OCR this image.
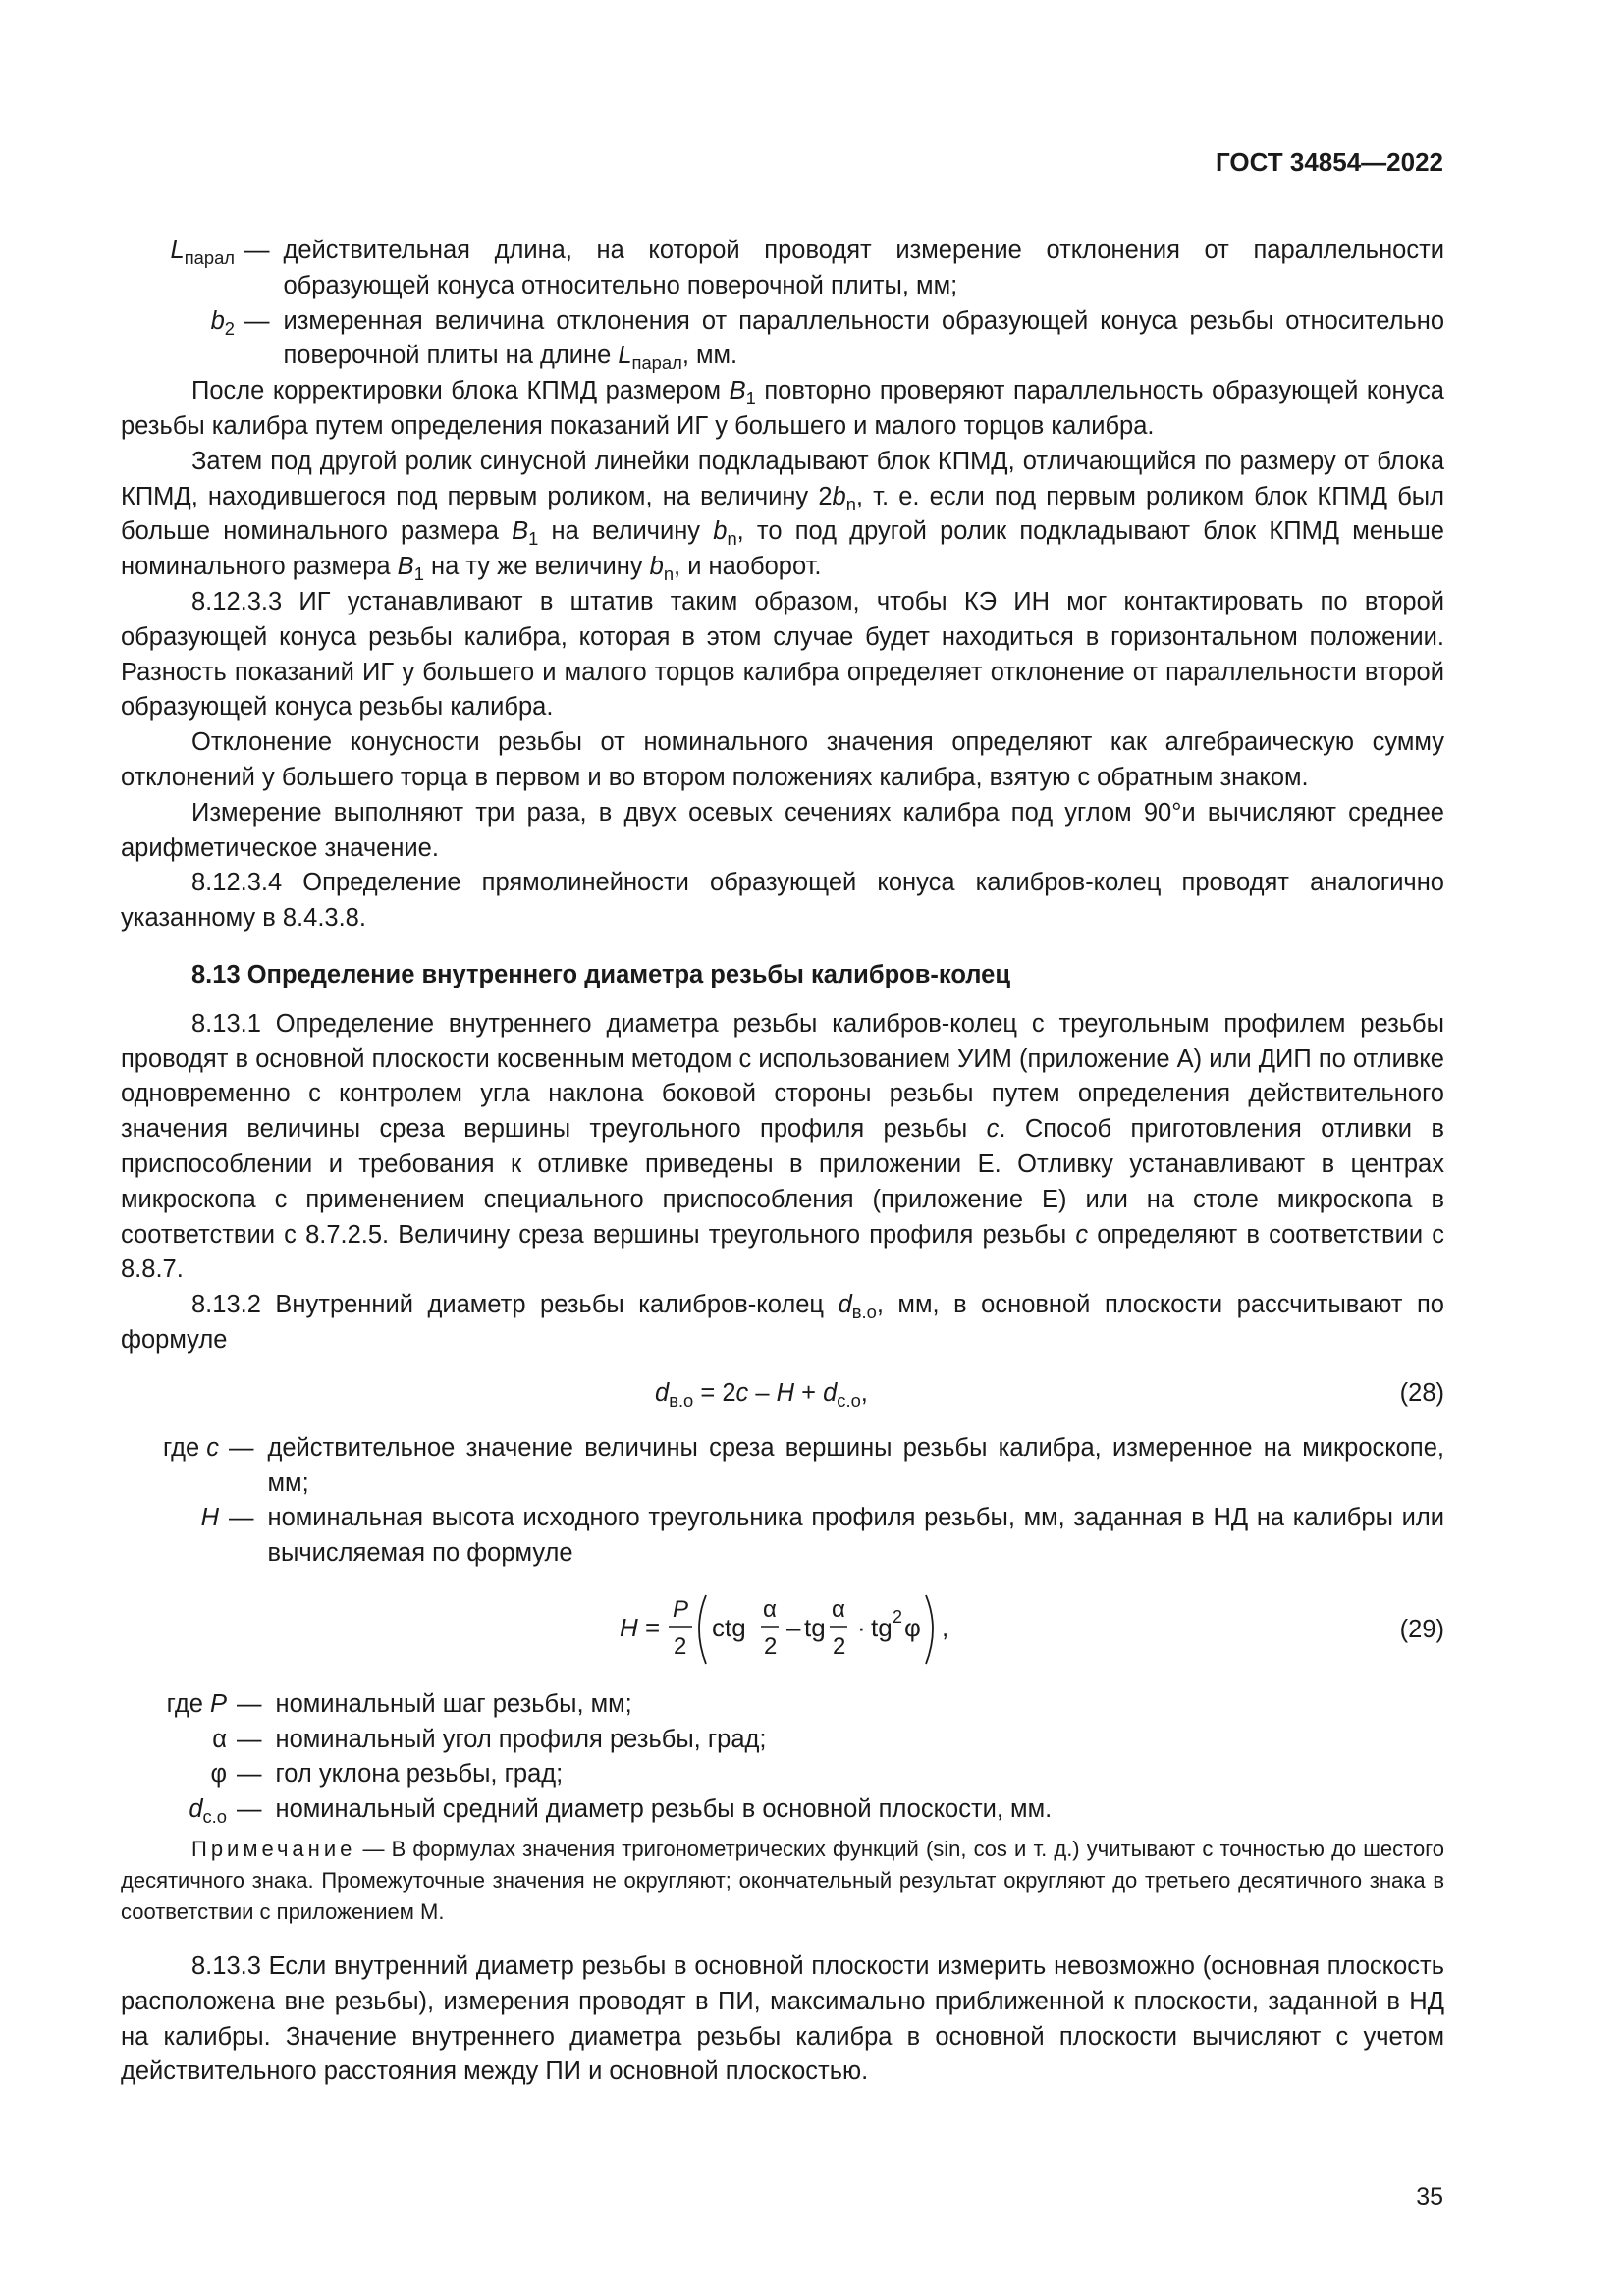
ГОСТ 34854—2022
$L_{парал}$ — действительная длина, на которой проводят измерение отклонения от параллельности образующей конуса относительно поверочной плиты, мм;
$b_2$ — измеренная величина отклонения от параллельности образующей конуса резьбы относительно поверочной плиты на длине $L_{парал}$, мм.

После корректировки блока КПМД размером $B_1$ повторно проверяют параллельность образующей конуса резьбы калибра путем определения показаний ИГ у большего и малого торцов калибра.

Затем под другой ролик синусной линейки подкладывают блок КПМД, отличающийся по размеру от блока КПМД, находившегося под первым роликом, на величину $2b_n$, т. е. если под первым роликом блок КПМД был больше номинального размера $B_1$ на величину $b_n$, то под другой ролик подкладывают блок КПМД меньше номинального размера $B_1$ на ту же величину $b_n$, и наоборот.

8.12.3.3 ИГ устанавливают в штатив таким образом, чтобы КЭ ИН мог контактировать по второй образующей конуса резьбы калибра, которая в этом случае будет находиться в горизонтальном положении. Разность показаний ИГ у большего и малого торцов калибра определяет отклонение от параллельности второй образующей конуса резьбы калибра.

Отклонение конусности резьбы от номинального значения определяют как алгебраическую сумму отклонений у большего торца в первом и во втором положениях калибра, взятую с обратным знаком.

Измерение выполняют три раза, в двух осевых сечениях калибра под углом 90°и вычисляют среднее арифметическое значение.

8.12.3.4 Определение прямолинейности образующей конуса калибров-колец проводят аналогично указанному в 8.4.3.8.

8.13 Определение внутреннего диаметра резьбы калибров-колец

8.13.1 Определение внутреннего диаметра резьбы калибров-колец с треугольным профилем резьбы проводят в основной плоскости косвенным методом с использованием УИМ (приложение А) или ДИП по отливке одновременно с контролем угла наклона боковой стороны резьбы путем определения действительного значения величины среза вершины треугольного профиля резьбы c. Способ приготовления отливки в приспособлении и требования к отливке приведены в приложении Е. Отливку устанавливают в центрах микроскопа с применением специального приспособления (приложение Е) или на столе микроскопа в соответствии с 8.7.2.5. Величину среза вершины треугольного профиля резьбы c определяют в соответствии с 8.8.7.

8.13.2 Внутренний диаметр резьбы калибров-колец $d_{в.о}$, мм, в основной плоскости рассчитывают по формуле

$d_{в.о} = 2c - H + d_{с.о}$,	(28)
где c — действительное значение величины среза вершины резьбы калибра, измеренное на микроскопе, мм;
H — номинальная высота исходного треугольника профиля резьбы, мм, заданная в НД на калибры или вычисляемая по формуле
H =
P
2
ctg
α
2
– tg
α
2
· tg 2 φ ,	(29)
где P — номинальный шаг резьбы, мм;
α — номинальный угол профиля резьбы, град;
φ — гол уклона резьбы, град;
$d_{с.о}$ — номинальный средний диаметр резьбы в основной плоскости, мм.

Примечание — В формулах значения тригонометрических функций (sin, cos и т. д.) учитывают с точностью до шестого десятичного знака. Промежуточные значения не округляют; окончательный результат округляют до третьего десятичного знака в соответствии с приложением М.

8.13.3 Если внутренний диаметр резьбы в основной плоскости измерить невозможно (основная плоскость расположена вне резьбы), измерения проводят в ПИ, максимально приближенной к плоскости, заданной в НД на калибры. Значение внутреннего диаметра резьбы калибра в основной плоскости вычисляют с учетом действительного расстояния между ПИ и основной плоскостью.

35
